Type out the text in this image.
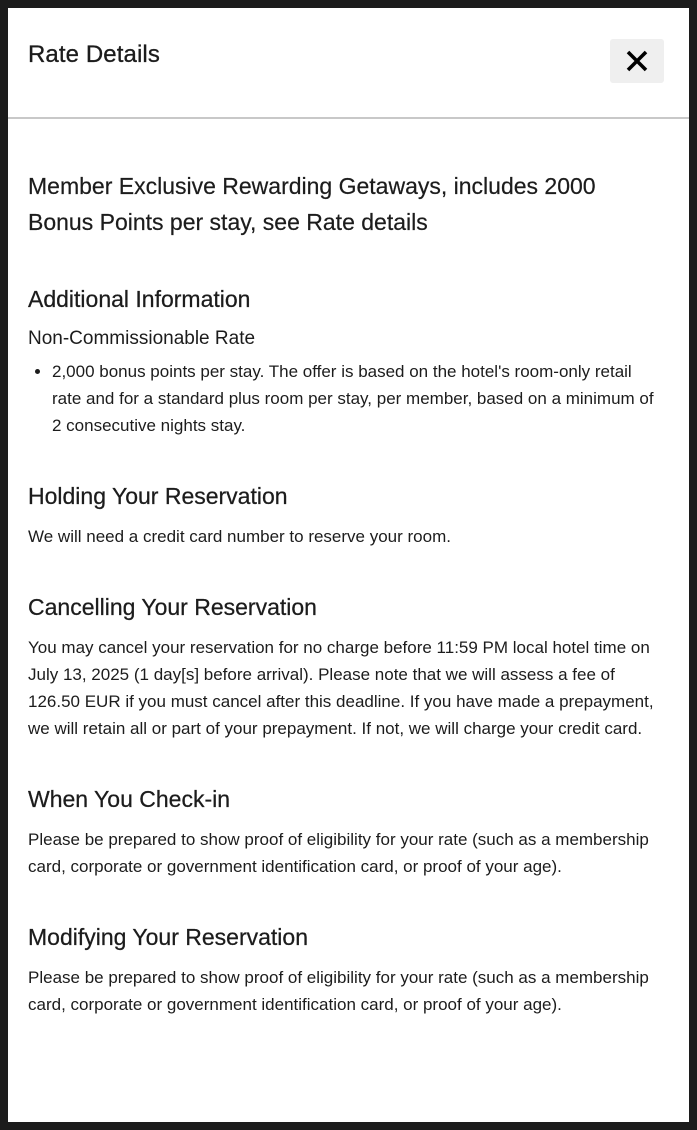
Rate Details
Member Exclusive Rewarding Getaways, includes 2000 Bonus Points per stay, see Rate details
Additional Information

Non-Commissionable Rate

• 2,000 bonus points per stay. The offer is based on the hotel's room-only retail rate and for a standard plus room per stay, per member, based on a minimum of 2 consecutive nights stay.
Holding Your Reservation

We will need a credit card number to reserve your room.

Cancelling Your Reservation

You may cancel your reservation for no charge before 11:59 PM local hotel time on July 13, 2025 (1 day[s] before arrival). Please note that we will assess a fee of 126.50 EUR if you must cancel after this deadline. If you have made a prepayment, we will retain all or part of your prepayment. If not, we will charge your credit card.

When You Check-in

Please be prepared to show proof of eligibility for your rate (such as a membership card, corporate or government identification card, or proof of your age).

Modifying Your Reservation

Please be prepared to show proof of eligibility for your rate (such as a membership card, corporate or government identification card, or proof of your age).
